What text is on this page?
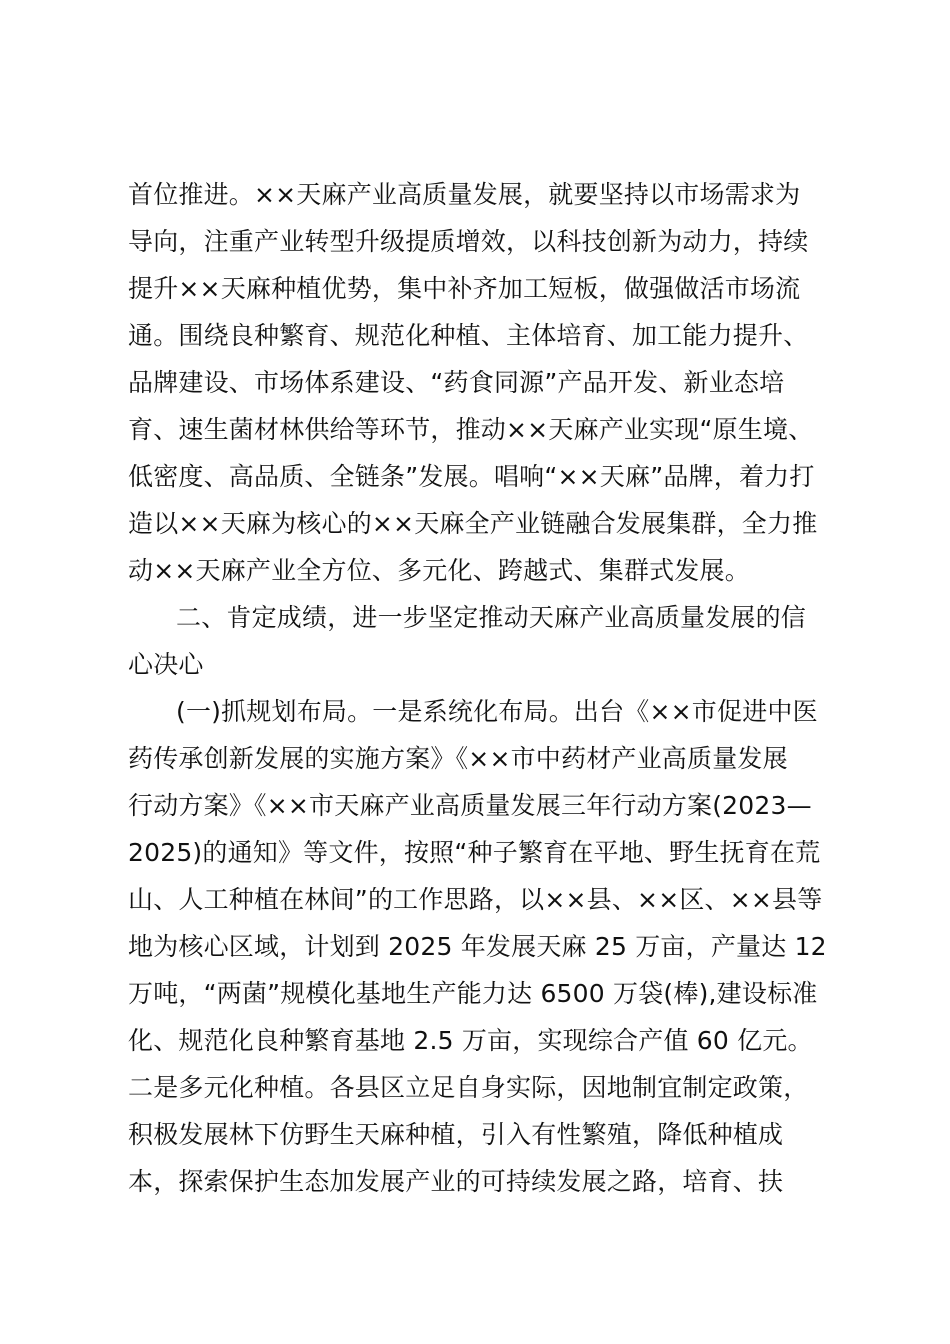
首位推进。××天麻产业高质量发展，就要坚持以市场需求为
导向，注重产业转型升级提质增效，以科技创新为动力，持续
提升××天麻种植优势，集中补齐加工短板，做强做活市场流
通。围绕良种繁育、规范化种植、主体培育、加工能力提升、
品牌建设、市场体系建设、“药食同源”产品开发、新业态培
育、速生菌材林供给等环节，推动××天麻产业实现“原生境、
低密度、高品质、全链条”发展。唱响“××天麻”品牌，着力打
造以××天麻为核心的××天麻全产业链融合发展集群，全力推
动××天麻产业全方位、多元化、跨越式、集群式发展。
二、肯定成绩，进一步坚定推动天麻产业高质量发展的信
心决心
(一)抓规划布局。一是系统化布局。出台《××市促进中医
药传承创新发展的实施方案》《××市中药材产业高质量发展
行动方案》《××市天麻产业高质量发展三年行动方案(2023—
2025)的通知》等文件，按照“种子繁育在平地、野生抚育在荒
山、人工种植在林间”的工作思路，以××县、××区、××县等
地为核心区域，计划到 2025 年发展天麻 25 万亩，产量达 12
万吨，“两菌”规模化基地生产能力达 6500 万袋(棒),建设标准
化、规范化良种繁育基地 2.5 万亩，实现综合产值 60 亿元。
二是多元化种植。各县区立足自身实际，因地制宜制定政策，
积极发展林下仿野生天麻种植，引入有性繁殖，降低种植成
本，探索保护生态加发展产业的可持续发展之路，培育、扶
